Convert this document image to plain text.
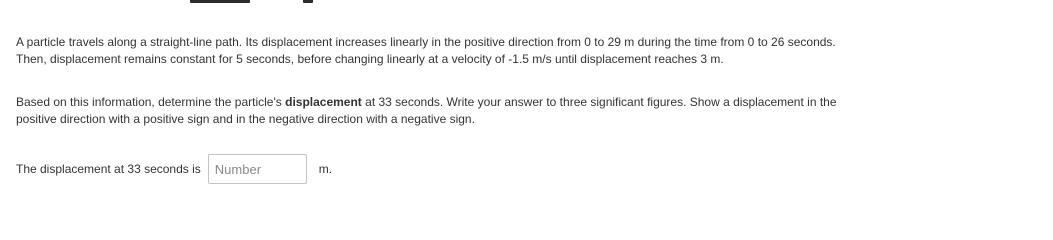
A particle travels along a straight-line path. Its displacement increases linearly in the positive direction from 0 to 29 m during the time from 0 to 26 seconds.
Then, displacement remains constant for 5 seconds, before changing linearly at a velocity of -1.5 m/s until displacement reaches 3 m.

Based on this information, determine the particle's displacement at 33 seconds. Write your answer to three significant figures. Show a displacement in the
positive direction with a positive sign and in the negative direction with a negative sign.

The displacement at 33 seconds is
Number	m.
